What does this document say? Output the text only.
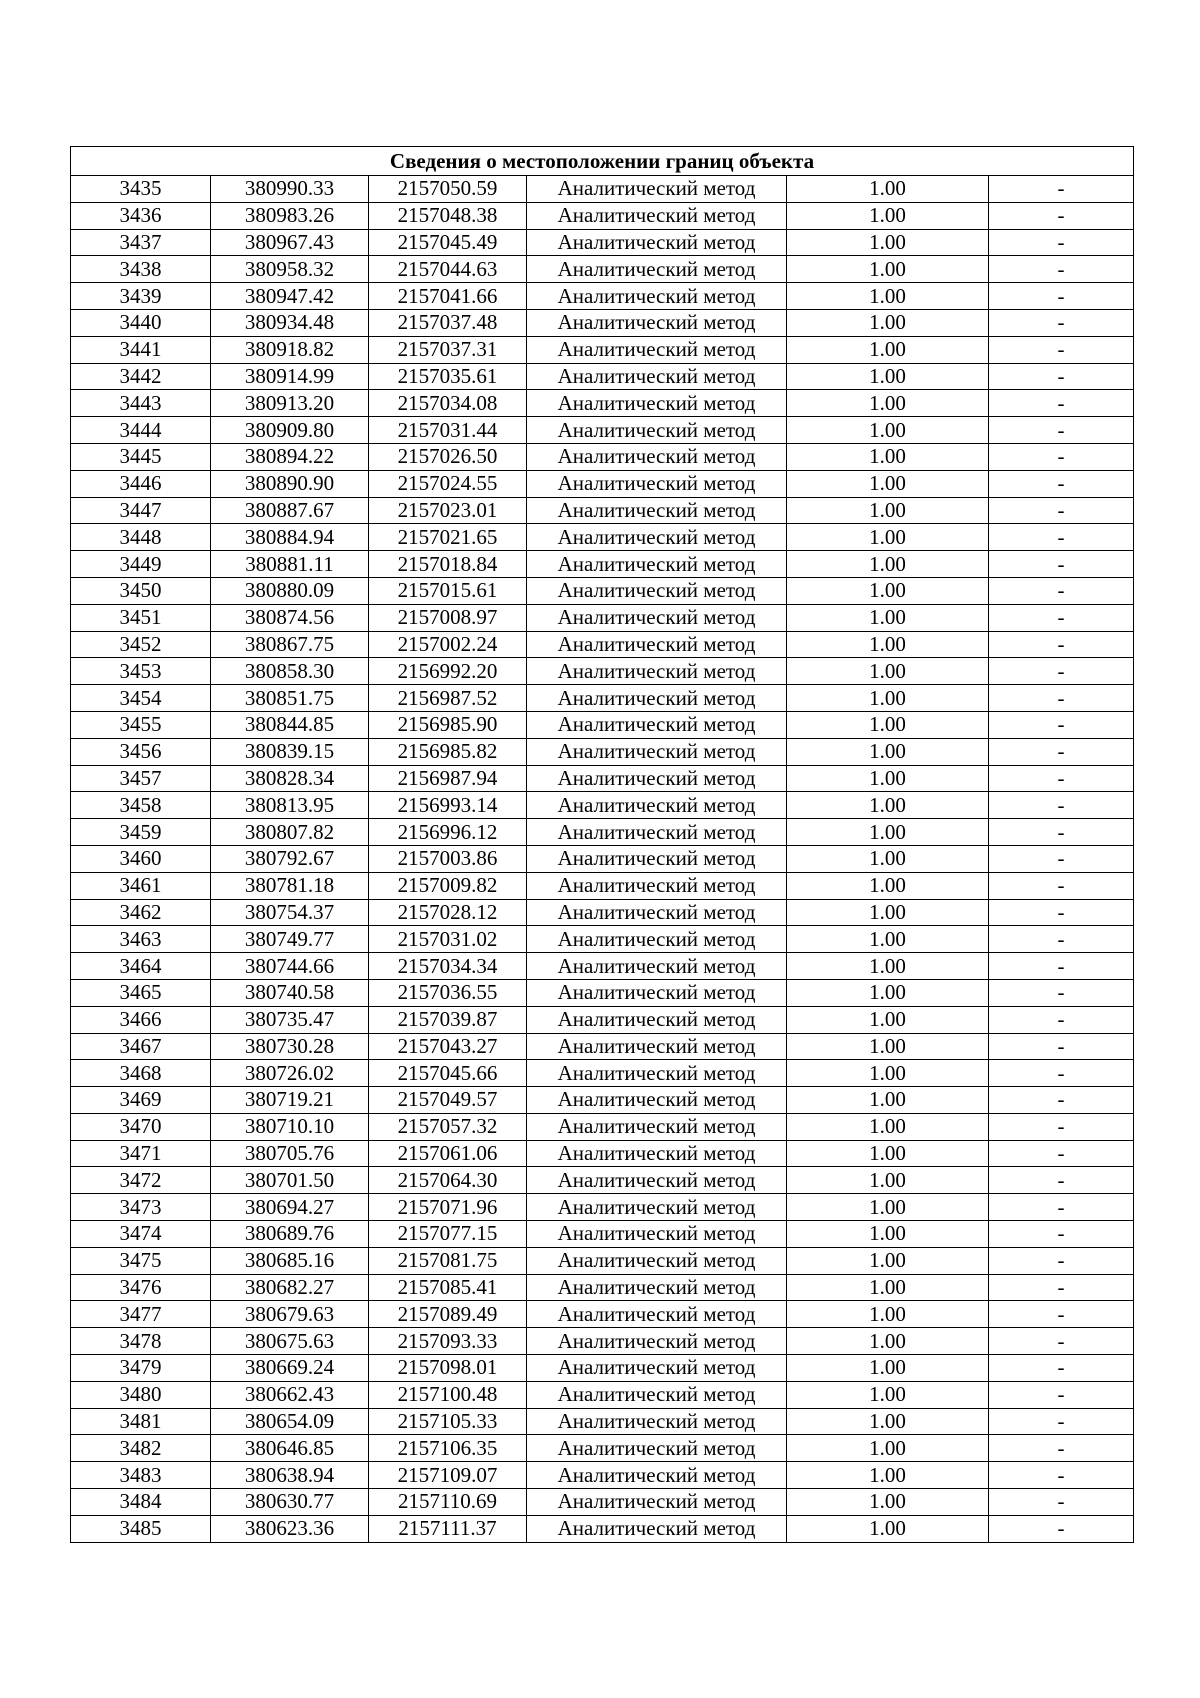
Сведения о местоположении границ объекта					
3435	380990.33	2157050.59	Аналитический метод	1.00	-
3436	380983.26	2157048.38	Аналитический метод	1.00	-
3437	380967.43	2157045.49	Аналитический метод	1.00	-
3438	380958.32	2157044.63	Аналитический метод	1.00	-
3439	380947.42	2157041.66	Аналитический метод	1.00	-
3440	380934.48	2157037.48	Аналитический метод	1.00	-
3441	380918.82	2157037.31	Аналитический метод	1.00	-
3442	380914.99	2157035.61	Аналитический метод	1.00	-
3443	380913.20	2157034.08	Аналитический метод	1.00	-
3444	380909.80	2157031.44	Аналитический метод	1.00	-
3445	380894.22	2157026.50	Аналитический метод	1.00	-
3446	380890.90	2157024.55	Аналитический метод	1.00	-
3447	380887.67	2157023.01	Аналитический метод	1.00	-
3448	380884.94	2157021.65	Аналитический метод	1.00	-
3449	380881.11	2157018.84	Аналитический метод	1.00	-
3450	380880.09	2157015.61	Аналитический метод	1.00	-
3451	380874.56	2157008.97	Аналитический метод	1.00	-
3452	380867.75	2157002.24	Аналитический метод	1.00	-
3453	380858.30	2156992.20	Аналитический метод	1.00	-
3454	380851.75	2156987.52	Аналитический метод	1.00	-
3455	380844.85	2156985.90	Аналитический метод	1.00	-
3456	380839.15	2156985.82	Аналитический метод	1.00	-
3457	380828.34	2156987.94	Аналитический метод	1.00	-
3458	380813.95	2156993.14	Аналитический метод	1.00	-
3459	380807.82	2156996.12	Аналитический метод	1.00	-
3460	380792.67	2157003.86	Аналитический метод	1.00	-
3461	380781.18	2157009.82	Аналитический метод	1.00	-
3462	380754.37	2157028.12	Аналитический метод	1.00	-
3463	380749.77	2157031.02	Аналитический метод	1.00	-
3464	380744.66	2157034.34	Аналитический метод	1.00	-
3465	380740.58	2157036.55	Аналитический метод	1.00	-
3466	380735.47	2157039.87	Аналитический метод	1.00	-
3467	380730.28	2157043.27	Аналитический метод	1.00	-
3468	380726.02	2157045.66	Аналитический метод	1.00	-
3469	380719.21	2157049.57	Аналитический метод	1.00	-
3470	380710.10	2157057.32	Аналитический метод	1.00	-
3471	380705.76	2157061.06	Аналитический метод	1.00	-
3472	380701.50	2157064.30	Аналитический метод	1.00	-
3473	380694.27	2157071.96	Аналитический метод	1.00	-
3474	380689.76	2157077.15	Аналитический метод	1.00	-
3475	380685.16	2157081.75	Аналитический метод	1.00	-
3476	380682.27	2157085.41	Аналитический метод	1.00	-
3477	380679.63	2157089.49	Аналитический метод	1.00	-
3478	380675.63	2157093.33	Аналитический метод	1.00	-
3479	380669.24	2157098.01	Аналитический метод	1.00	-
3480	380662.43	2157100.48	Аналитический метод	1.00	-
3481	380654.09	2157105.33	Аналитический метод	1.00	-
3482	380646.85	2157106.35	Аналитический метод	1.00	-
3483	380638.94	2157109.07	Аналитический метод	1.00	-
3484	380630.77	2157110.69	Аналитический метод	1.00	-
3485	380623.36	2157111.37	Аналитический метод	1.00	-
